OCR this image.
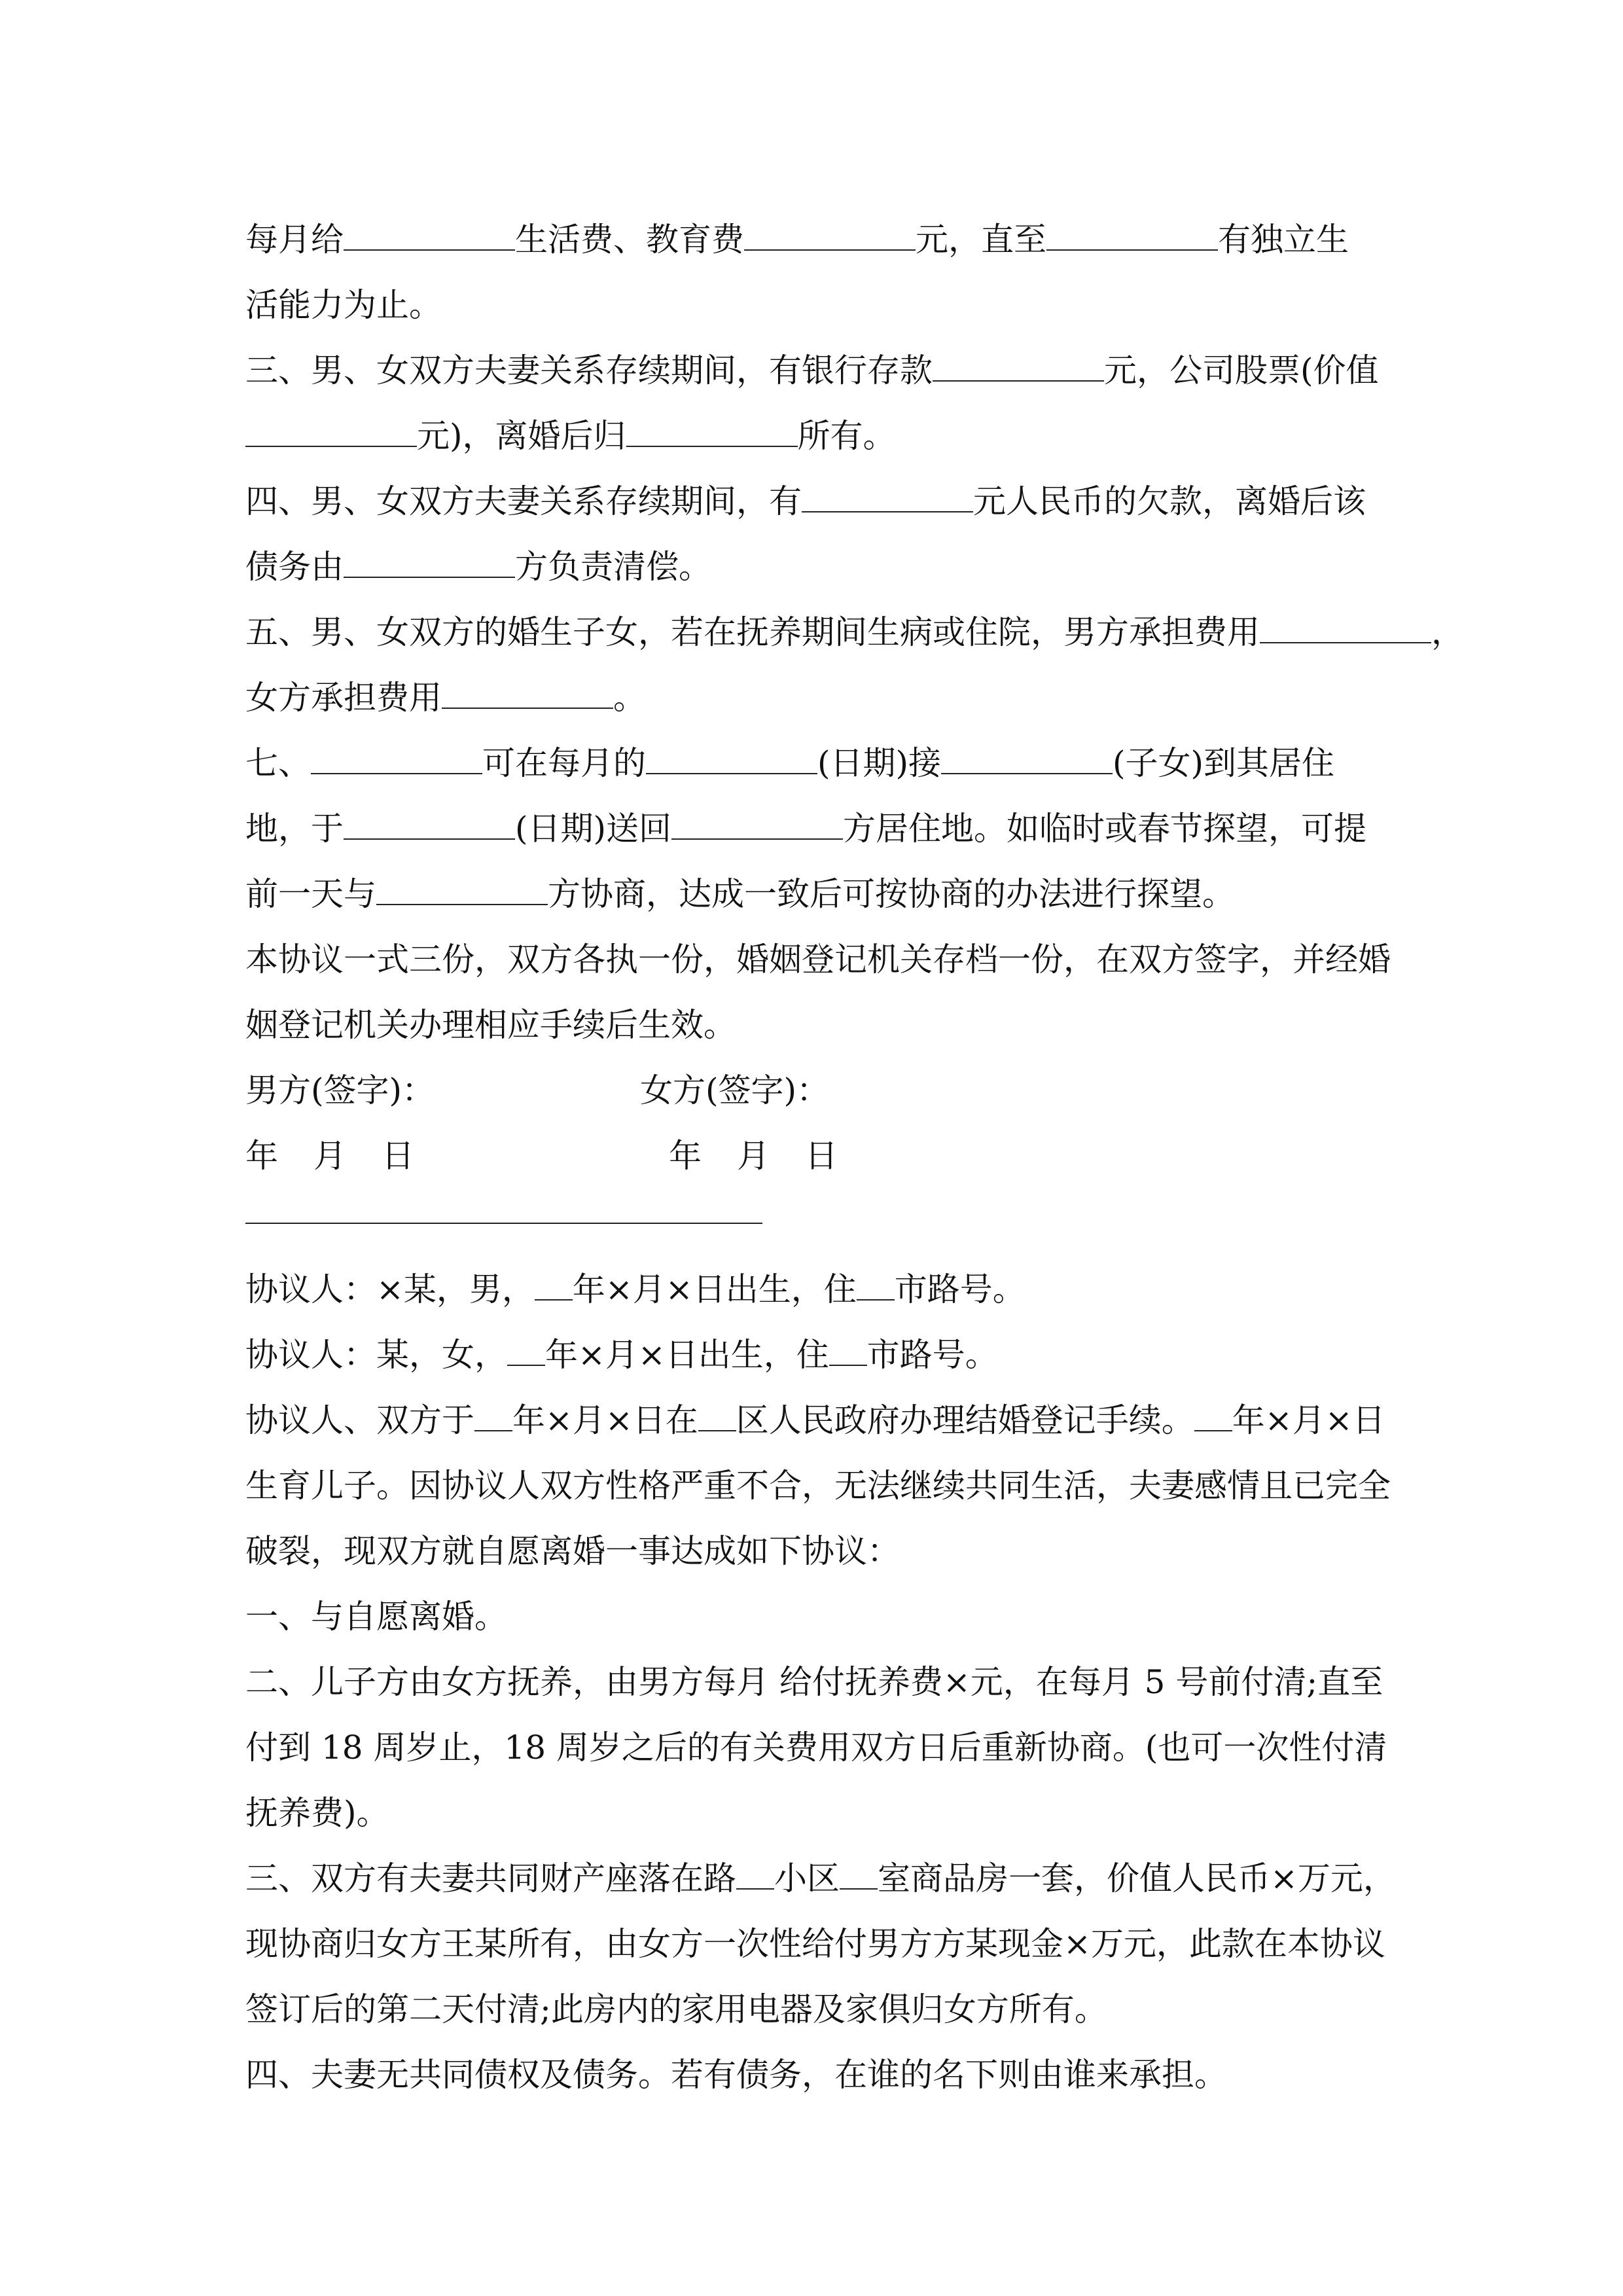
每月给	生活费、教育费	元，直至	有独立生
活能力为止。
三、男、女双方夫妻关系存续期间，有银行存款	元，公司股票(价值
元)，离婚后归	所有。
四、男、女双方夫妻关系存续期间，有	元人民币的欠款，离婚后该
债务由	方负责清偿。
五、男、女双方的婚生子女，若在抚养期间生病或住院，男方承担费用	，
女方承担费用	。
七、	可在每月的	(日期)接	(子女)到其居住
地，于	(日期)送回	方居住地。如临时或春节探望，可提
前一天与	方协商，达成一致后可按协商的办法进行探望。
本协议一式三份，双方各执一份，婚姻登记机关存档一份，在双方签字，并经婚
姻登记机关办理相应手续后生效。
男方(签字)：	女方(签字)：
年 月 日	年 月 日
协议人：×某，男， 年×月×日出生，住 市路号。
协议人：某，女， 年×月×日出生，住 市路号。
协议人、双方于 年×月×日在 区人民政府办理结婚登记手续。 年×月×日
生育儿子。因协议人双方性格严重不合，无法继续共同生活，夫妻感情且已完全
破裂，现双方就自愿离婚一事达成如下协议：
一、与自愿离婚。
二、儿子方由女方抚养，由男方每月 给付抚养费×元，在每月 5 号前付清;直至
付到 18 周岁止，18 周岁之后的有关费用双方日后重新协商。(也可一次性付清
抚养费)。
三、双方有夫妻共同财产座落在路 小区 室商品房一套，价值人民币×万元，
现协商归女方王某所有，由女方一次性给付男方方某现金×万元，此款在本协议
签订后的第二天付清;此房内的家用电器及家俱归女方所有。
四、夫妻无共同债权及债务。若有债务，在谁的名下则由谁来承担。
